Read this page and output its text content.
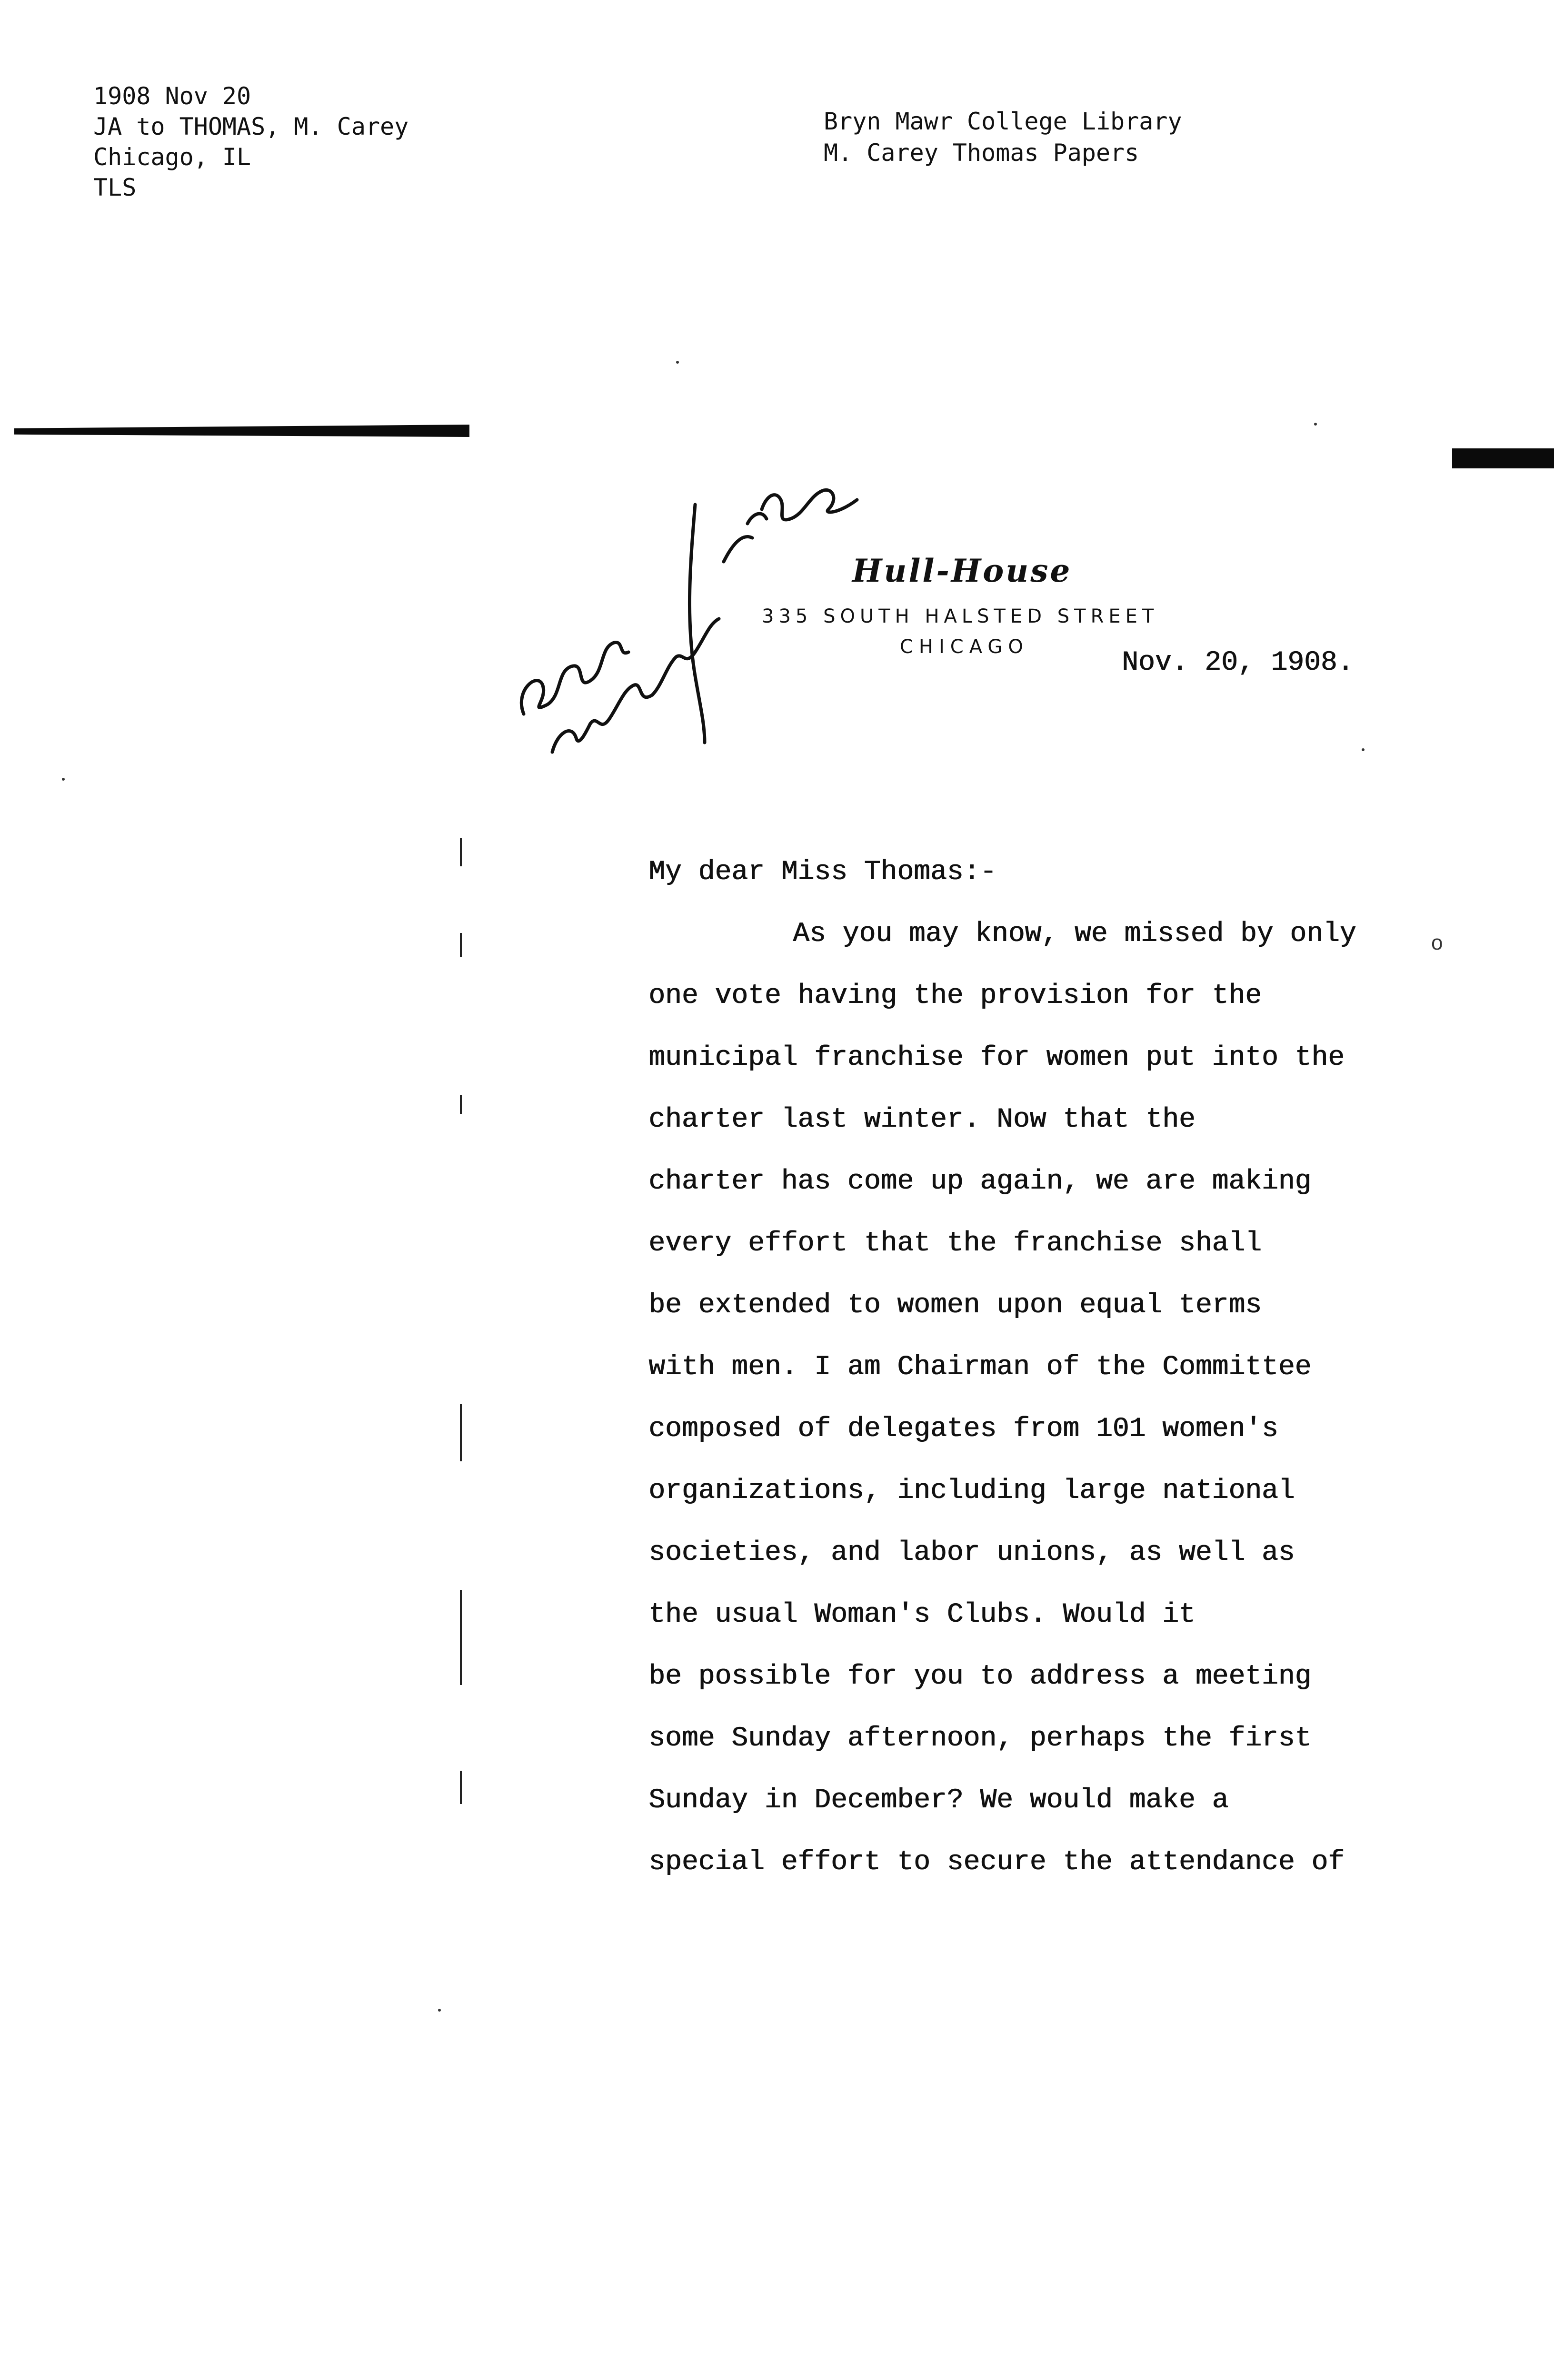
1908 Nov 20
JA to THOMAS, M. Carey
Chicago, IL
TLS
Bryn Mawr College Library
M. Carey Thomas Papers
Hull-House
335 SOUTH HALSTED STREET
CHICAGO
Nov. 20, 1908.
My dear Miss Thomas:-
As you may know, we missed by only
one vote having the provision for the
municipal franchise for women put into the
charter last winter. Now that the
charter has come up again, we are making
every effort that the franchise shall
be extended to women upon equal terms
with men. I am Chairman of the Committee
composed of delegates from 101 women's
organizations, including large national
societies, and labor unions, as well as
the usual Woman's Clubs. Would it
be possible for you to address a meeting
some Sunday afternoon, perhaps the first
Sunday in December? We would make a
special effort to secure the attendance of
o
